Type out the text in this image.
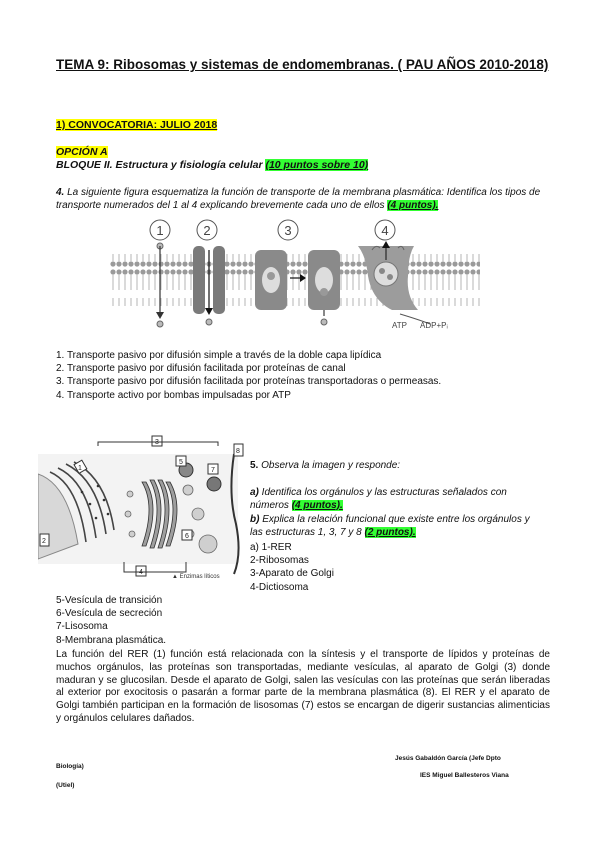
TEMA 9: Ribosomas y sistemas de endomembranas. ( PAU AÑOS 2010-2018)
1) CONVOCATORIA: JULIO 2018
OPCIÓN A
BLOQUE II. Estructura y fisiología celular (10 puntos sobre 10)
4. La siguiente figura esquematiza la función de transporte de la membrana plasmática: Identifica los tipos de transporte numerados del 1 al 4 explicando brevemente cada uno de ellos (4 puntos).
1	2	3	4
ATP ADP+Pᵢ
1. Transporte pasivo por difusión simple a través de la doble capa lipídica
2. Transporte pasivo por difusión facilitada por proteínas de canal
3. Transporte pasivo por difusión facilitada por proteínas transportadoras o permeasas.
4. Transporte activo por bombas impulsadas por ATP
1
2
3
4
5
6
7
8
▲ Enzimas líticos
5. Observa la imagen y responde:
a) Identifica los orgánulos y las estructuras señalados con números (4 puntos).
b) Explica la relación funcional que existe entre los orgánulos y las estructuras 1, 3, 7 y 8 (2 puntos).
a) 1-RER
2-Ribosomas
3-Aparato de Golgi
4-Dictiosoma
5-Vesícula de transición
6-Vesícula de secreción
7-Lisosoma
8-Membrana plasmática.
La función del RER (1) función está relacionada con la síntesis y el transporte de lípidos y proteínas de muchos orgánulos, las proteínas son transportadas, mediante vesículas, al aparato de Golgi (3) donde maduran y se glucosilan. Desde el aparato de Golgi, salen las vesículas con las proteínas que serán liberadas al exterior por exocitosis o pasarán a formar parte de la membrana plasmática (8). El RER y el aparato de Golgi también participan en la formación de lisosomas (7) estos se encargan de digerir sustancias alimenticias y orgánulos celulares dañados.
Jesús Gabaldón García (Jefe Dpto
Biología)
IES Miguel Ballesteros Viana
(Utiel)
